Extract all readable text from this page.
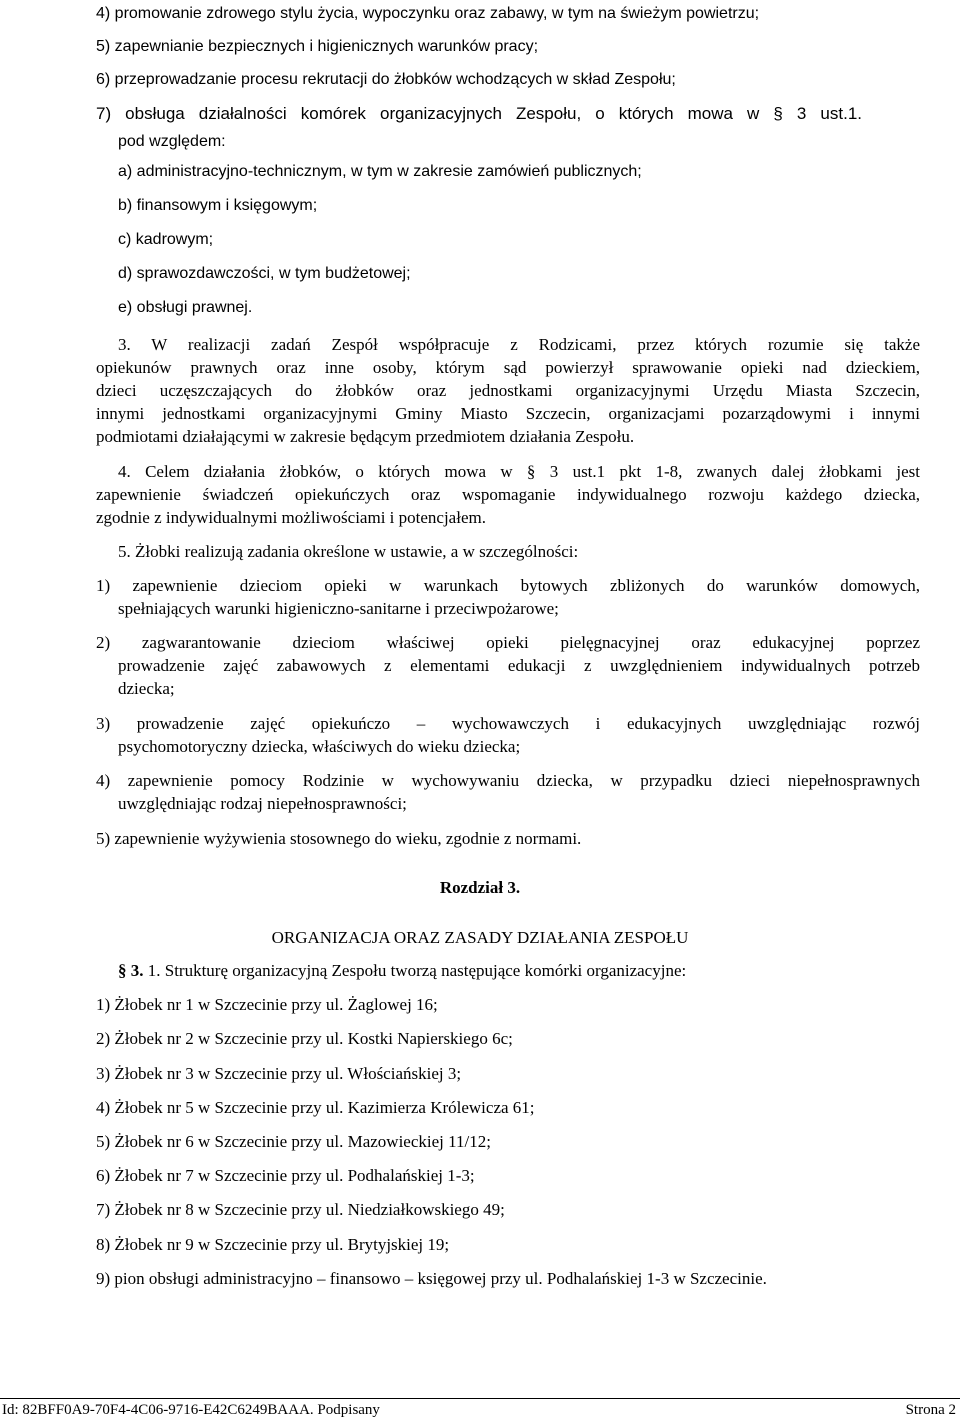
4) promowanie zdrowego stylu życia, wypoczynku oraz zabawy, w tym na świeżym powietrzu;
5) zapewnianie bezpiecznych i higienicznych warunków pracy;
6) przeprowadzanie procesu rekrutacji do żłobków wchodzących w skład Zespołu;
7) obsługa działalności komórek organizacyjnych Zespołu, o których mowa w § 3 ust.1.
pod względem:
a) administracyjno-technicznym, w tym w zakresie zamówień publicznych;
b) finansowym i księgowym;
c) kadrowym;
d) sprawozdawczości, w tym budżetowej;
e) obsługi prawnej.
3. W realizacji zadań Zespół współpracuje z Rodzicami, przez których rozumie się także
opiekunów prawnych oraz inne osoby, którym sąd powierzył sprawowanie opieki nad dzieckiem,
dzieci uczęszczających do żłobków oraz jednostkami organizacyjnymi Urzędu Miasta Szczecin,
innymi jednostkami organizacyjnymi Gminy Miasto Szczecin, organizacjami pozarządowymi i innymi
podmiotami działającymi w zakresie będącym przedmiotem działania Zespołu.
4. Celem działania żłobków, o których mowa w § 3 ust.1 pkt 1-8, zwanych dalej żłobkami jest
zapewnienie świadczeń opiekuńczych oraz wspomaganie indywidualnego rozwoju każdego dziecka,
zgodnie z indywidualnymi możliwościami i potencjałem.
5. Żłobki realizują zadania określone w ustawie, a w szczególności:
1) zapewnienie dzieciom opieki w warunkach bytowych zbliżonych do warunków domowych,
spełniających warunki higieniczno-sanitarne i przeciwpożarowe;
2) zagwarantowanie dzieciom właściwej opieki pielęgnacyjnej oraz edukacyjnej poprzez
prowadzenie zajęć zabawowych z elementami edukacji z uwzględnieniem indywidualnych potrzeb
dziecka;
3) prowadzenie zajęć opiekuńczo – wychowawczych i edukacyjnych uwzględniając rozwój
psychomotoryczny dziecka, właściwych do wieku dziecka;
4) zapewnienie pomocy Rodzinie w wychowywaniu dziecka, w przypadku dzieci niepełnosprawnych
uwzględniając rodzaj niepełnosprawności;
5) zapewnienie wyżywienia stosownego do wieku, zgodnie z normami.
Rozdział 3.
ORGANIZACJA ORAZ ZASADY DZIAŁANIA ZESPOŁU
§ 3. 1. Strukturę organizacyjną Zespołu tworzą następujące komórki organizacyjne:
1) Żłobek nr 1 w Szczecinie przy ul. Żaglowej 16;
2) Żłobek nr 2 w Szczecinie przy ul. Kostki Napierskiego 6c;
3) Żłobek nr 3 w Szczecinie przy ul. Włościańskiej 3;
4) Żłobek nr 5 w Szczecinie przy ul. Kazimierza Królewicza 61;
5) Żłobek nr 6 w Szczecinie przy ul. Mazowieckiej 11/12;
6) Żłobek nr 7 w Szczecinie przy ul. Podhalańskiej 1-3;
7) Żłobek nr 8 w Szczecinie przy ul. Niedziałkowskiego 49;
8) Żłobek nr 9 w Szczecinie przy ul. Brytyjskiej 19;
9) pion obsługi administracyjno – finansowo – księgowej przy ul. Podhalańskiej 1-3 w Szczecinie.
Id: 82BFF0A9-70F4-4C06-9716-E42C6249BAAA. Podpisany	Strona 2
